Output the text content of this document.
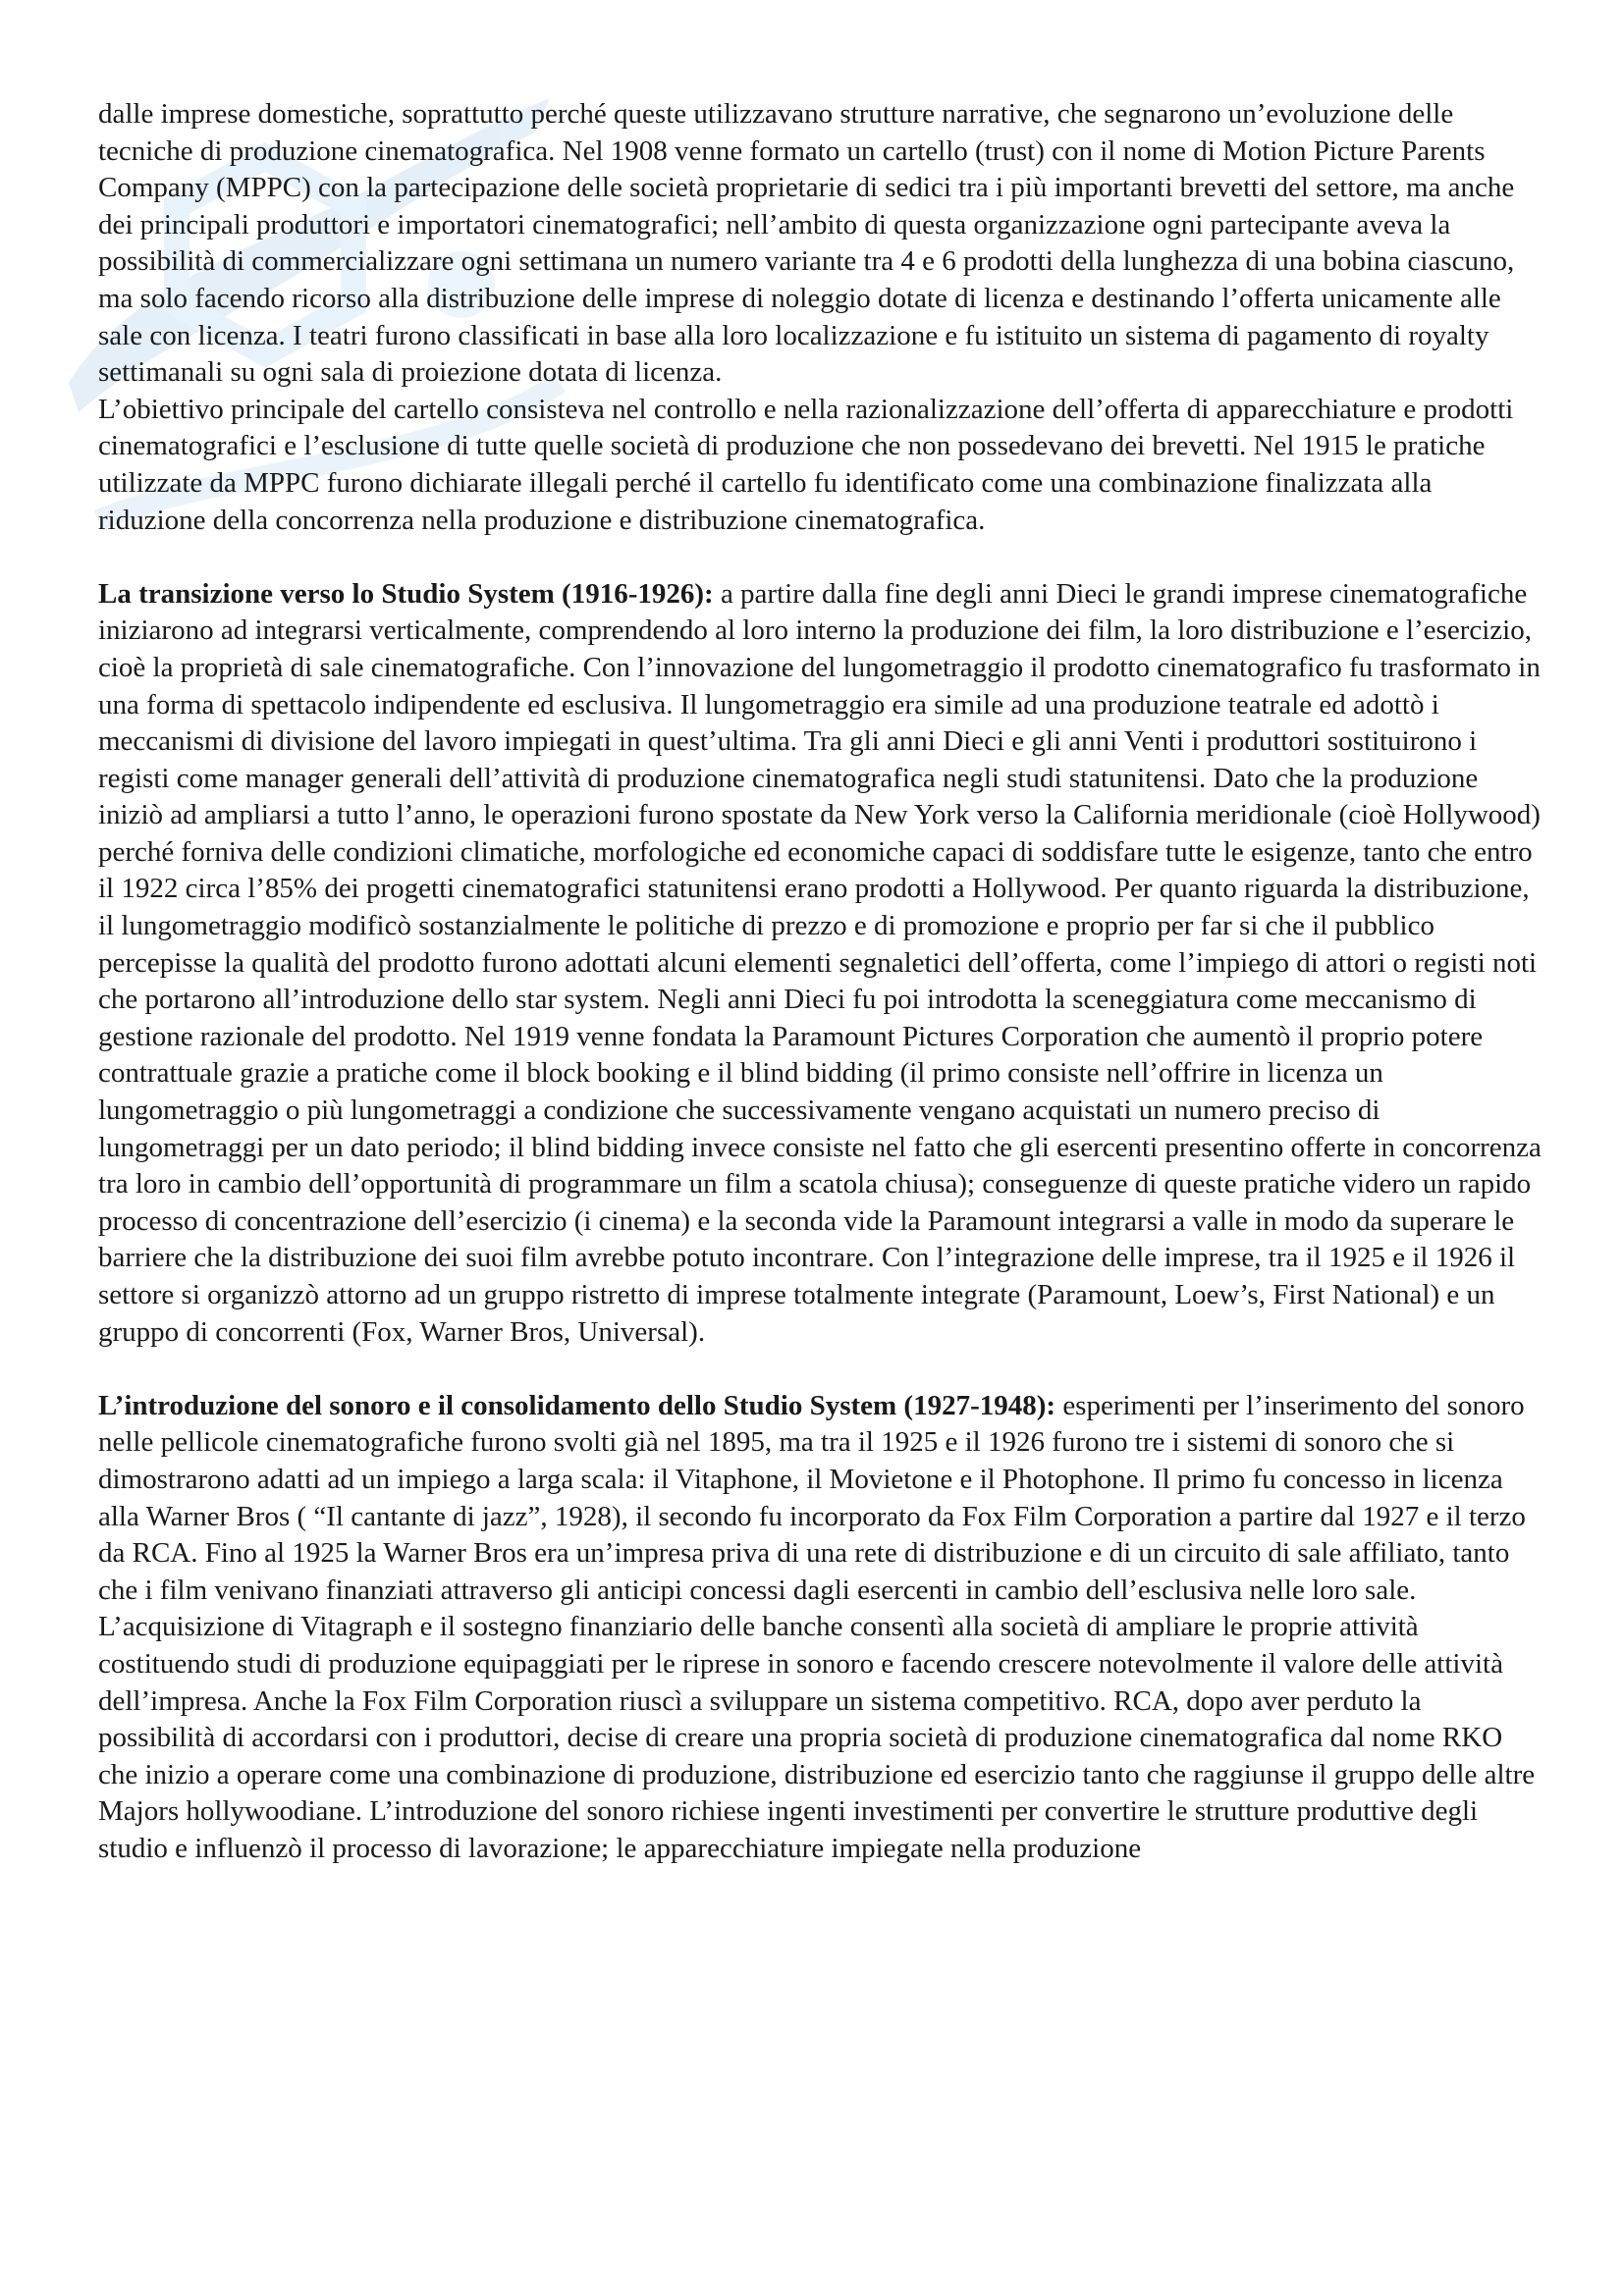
dalle imprese domestiche, soprattutto perché queste utilizzavano strutture narrative, che segnarono un’evoluzione delle tecniche di produzione cinematografica. Nel 1908 venne formato un cartello (trust) con il nome di Motion Picture Parents Company (MPPC) con la partecipazione delle società proprietarie di sedici tra i più importanti brevetti del settore, ma anche dei principali produttori e importatori cinematografici; nell’ambito di questa organizzazione ogni partecipante aveva la possibilità di commercializzare ogni settimana un numero variante tra 4 e 6 prodotti della lunghezza di una bobina ciascuno, ma solo facendo ricorso alla distribuzione delle imprese di noleggio dotate di licenza e destinando l’offerta unicamente alle sale con licenza. I teatri furono classificati in base alla loro localizzazione e fu istituito un sistema di pagamento di royalty settimanali su ogni sala di proiezione dotata di licenza.

L’obiettivo principale del cartello consisteva nel controllo e nella razionalizzazione dell’offerta di apparecchiature e prodotti cinematografici e l’esclusione di tutte quelle società di produzione che non possedevano dei brevetti. Nel 1915 le pratiche utilizzate da MPPC furono dichiarate illegali perché il cartello fu identificato come una combinazione finalizzata alla riduzione della concorrenza nella produzione e distribuzione cinematografica.

La transizione verso lo Studio System (1916-1926): a partire dalla fine degli anni Dieci le grandi imprese cinematografiche iniziarono ad integrarsi verticalmente, comprendendo al loro interno la produzione dei film, la loro distribuzione e l’esercizio, cioè la proprietà di sale cinematografiche. Con l’innovazione del lungometraggio il prodotto cinematografico fu trasformato in una forma di spettacolo indipendente ed esclusiva. Il lungometraggio era simile ad una produzione teatrale ed adottò i meccanismi di divisione del lavoro impiegati in quest’ultima. Tra gli anni Dieci e gli anni Venti i produttori sostituirono i registi come manager generali dell’attività di produzione cinematografica negli studi statunitensi. Dato che la produzione iniziò ad ampliarsi a tutto l’anno, le operazioni furono spostate da New York verso la California meridionale (cioè Hollywood) perché forniva delle condizioni climatiche, morfologiche ed economiche capaci di soddisfare tutte le esigenze, tanto che entro il 1922 circa l’85% dei progetti cinematografici statunitensi erano prodotti a Hollywood. Per quanto riguarda la distribuzione, il lungometraggio modificò sostanzialmente le politiche di prezzo e di promozione e proprio per far si che il pubblico percepisse la qualità del prodotto furono adottati alcuni elementi segnaletici dell’offerta, come l’impiego di attori o registi noti che portarono all’introduzione dello star system. Negli anni Dieci fu poi introdotta la sceneggiatura come meccanismo di gestione razionale del prodotto. Nel 1919 venne fondata la Paramount Pictures Corporation che aumentò il proprio potere contrattuale grazie a pratiche come il block booking e il blind bidding (il primo consiste nell’offrire in licenza un lungometraggio o più lungometraggi a condizione che successivamente vengano acquistati un numero preciso di lungometraggi per un dato periodo; il blind bidding invece consiste nel fatto che gli esercenti presentino offerte in concorrenza tra loro in cambio dell’opportunità di programmare un film a scatola chiusa); conseguenze di queste pratiche videro un rapido processo di concentrazione dell’esercizio (i cinema) e la seconda vide la Paramount integrarsi a valle in modo da superare le barriere che la distribuzione dei suoi film avrebbe potuto incontrare. Con l’integrazione delle imprese, tra il 1925 e il 1926 il settore si organizzò attorno ad un gruppo ristretto di imprese totalmente integrate (Paramount, Loew’s, First National) e un gruppo di concorrenti (Fox, Warner Bros, Universal).

L’introduzione del sonoro e il consolidamento dello Studio System (1927-1948): esperimenti per l’inserimento del sonoro nelle pellicole cinematografiche furono svolti già nel 1895, ma tra il 1925 e il 1926 furono tre i sistemi di sonoro che si dimostrarono adatti ad un impiego a larga scala: il Vitaphone, il Movietone e il Photophone. Il primo fu concesso in licenza alla Warner Bros ( “Il cantante di jazz”, 1928), il secondo fu incorporato da Fox Film Corporation a partire dal 1927 e il terzo da RCA. Fino al 1925 la Warner Bros era un’impresa priva di una rete di distribuzione e di un circuito di sale affiliato, tanto che i film venivano finanziati attraverso gli anticipi concessi dagli esercenti in cambio dell’esclusiva nelle loro sale. L’acquisizione di Vitagraph e il sostegno finanziario delle banche consentì alla società di ampliare le proprie attività costituendo studi di produzione equipaggiati per le riprese in sonoro e facendo crescere notevolmente il valore delle attività dell’impresa. Anche la Fox Film Corporation riuscì a sviluppare un sistema competitivo. RCA, dopo aver perduto la possibilità di accordarsi con i produttori, decise di creare una propria società di produzione cinematografica dal nome RKO che inizio a operare come una combinazione di produzione, distribuzione ed esercizio tanto che raggiunse il gruppo delle altre Majors hollywoodiane. L’introduzione del sonoro richiese ingenti investimenti per convertire le strutture produttive degli studio e influenzò il processo di lavorazione; le apparecchiature impiegate nella produzione
